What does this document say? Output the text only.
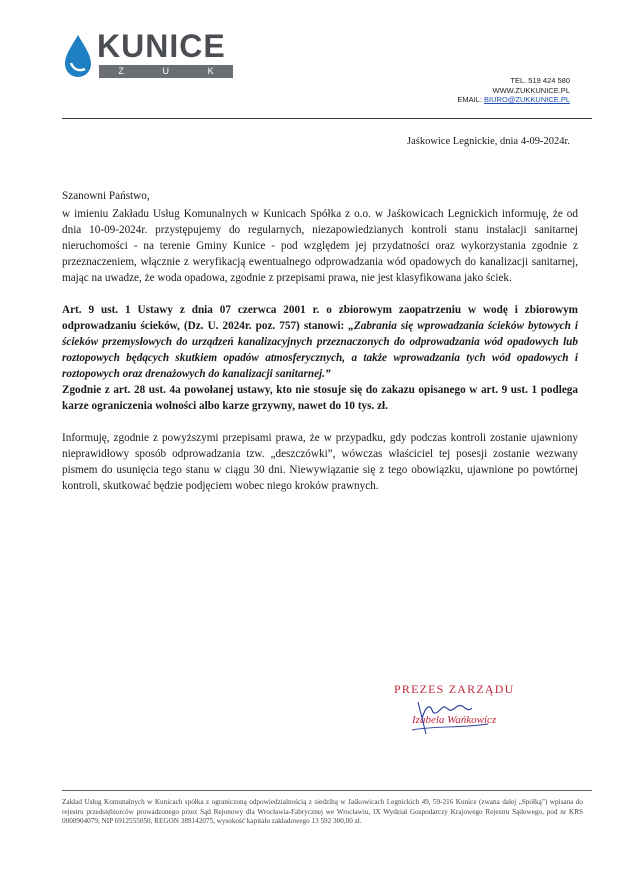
KUNICE
Z	U	K
TEL. 519 424 580
WWW.ZUKKUNICE.PL
EMAIL: BIURO@ZUKKUNICE.PL
Jaśkowice Legnickie, dnia 4-09-2024r.

Szanowni Państwo,

w imieniu Zakładu Usług Komunalnych w Kunicach Spółka z o.o. w Jaśkowicach Legnickich informuję, że od dnia 10-09-2024r. przystępujemy do regularnych, niezapowiedzianych kontroli stanu instalacji sanitarnej nieruchomości - na terenie Gminy Kunice - pod względem jej przydatności oraz wykorzystania zgodnie z przeznaczeniem, włącznie z weryfikacją ewentualnego odprowadzania wód opadowych do kanalizacji sanitarnej, mając na uwadze, że woda opadowa, zgodnie z przepisami prawa, nie jest klasyfikowana jako ściek.

Art. 9 ust. 1 Ustawy z dnia 07 czerwca 2001 r. o zbiorowym zaopatrzeniu w wodę i zbiorowym odprowadzaniu ścieków, (Dz. U. 2024r. poz. 757) stanowi: „Zabrania się wprowadzania ścieków bytowych i ścieków przemysłowych do urządzeń kanalizacyjnych przeznaczonych do odprowadzania wód opadowych lub roztopowych będących skutkiem opadów atmosferycznych, a także wprowadzania tych wód opadowych i roztopowych oraz drenażowych do kanalizacji sanitarnej.”

Zgodnie z art. 28 ust. 4a powołanej ustawy, kto nie stosuje się do zakazu opisanego w art. 9 ust. 1 podlega karze ograniczenia wolności albo karze grzywny, nawet do 10 tys. zł.

Informuję, zgodnie z powyższymi przepisami prawa, że w przypadku, gdy podczas kontroli zostanie ujawniony nieprawidłowy sposób odprowadzania tzw. „deszczówki”, wówczas właściciel tej posesji zostanie wezwany pismem do usunięcia tego stanu w ciągu 30 dni. Niewywiązanie się z tego obowiązku, ujawnione po powtórnej kontroli, skutkować będzie podjęciem wobec niego kroków prawnych.

PREZES ZARZĄDU
Izabela Wańkowicz
Zakład Usług Komunalnych w Kunicach spółka z ograniczoną odpowiedzialnością z siedzibą w Jaśkowicach Legnickich 49, 59-216 Kunice (zwana dalej „Spółką”) wpisana do rejestru przedsiębiorców prowadzonego przez Sąd Rejonowy dla Wrocławia-Fabrycznej we Wrocławiu, IX Wydział Gospodarczy Krajowego Rejestru Sądowego, pod nr KRS 0000904079, NIP 6912555050, REGON 389142075, wysokość kapitału zakładowego 13 592 300,00 zł.
